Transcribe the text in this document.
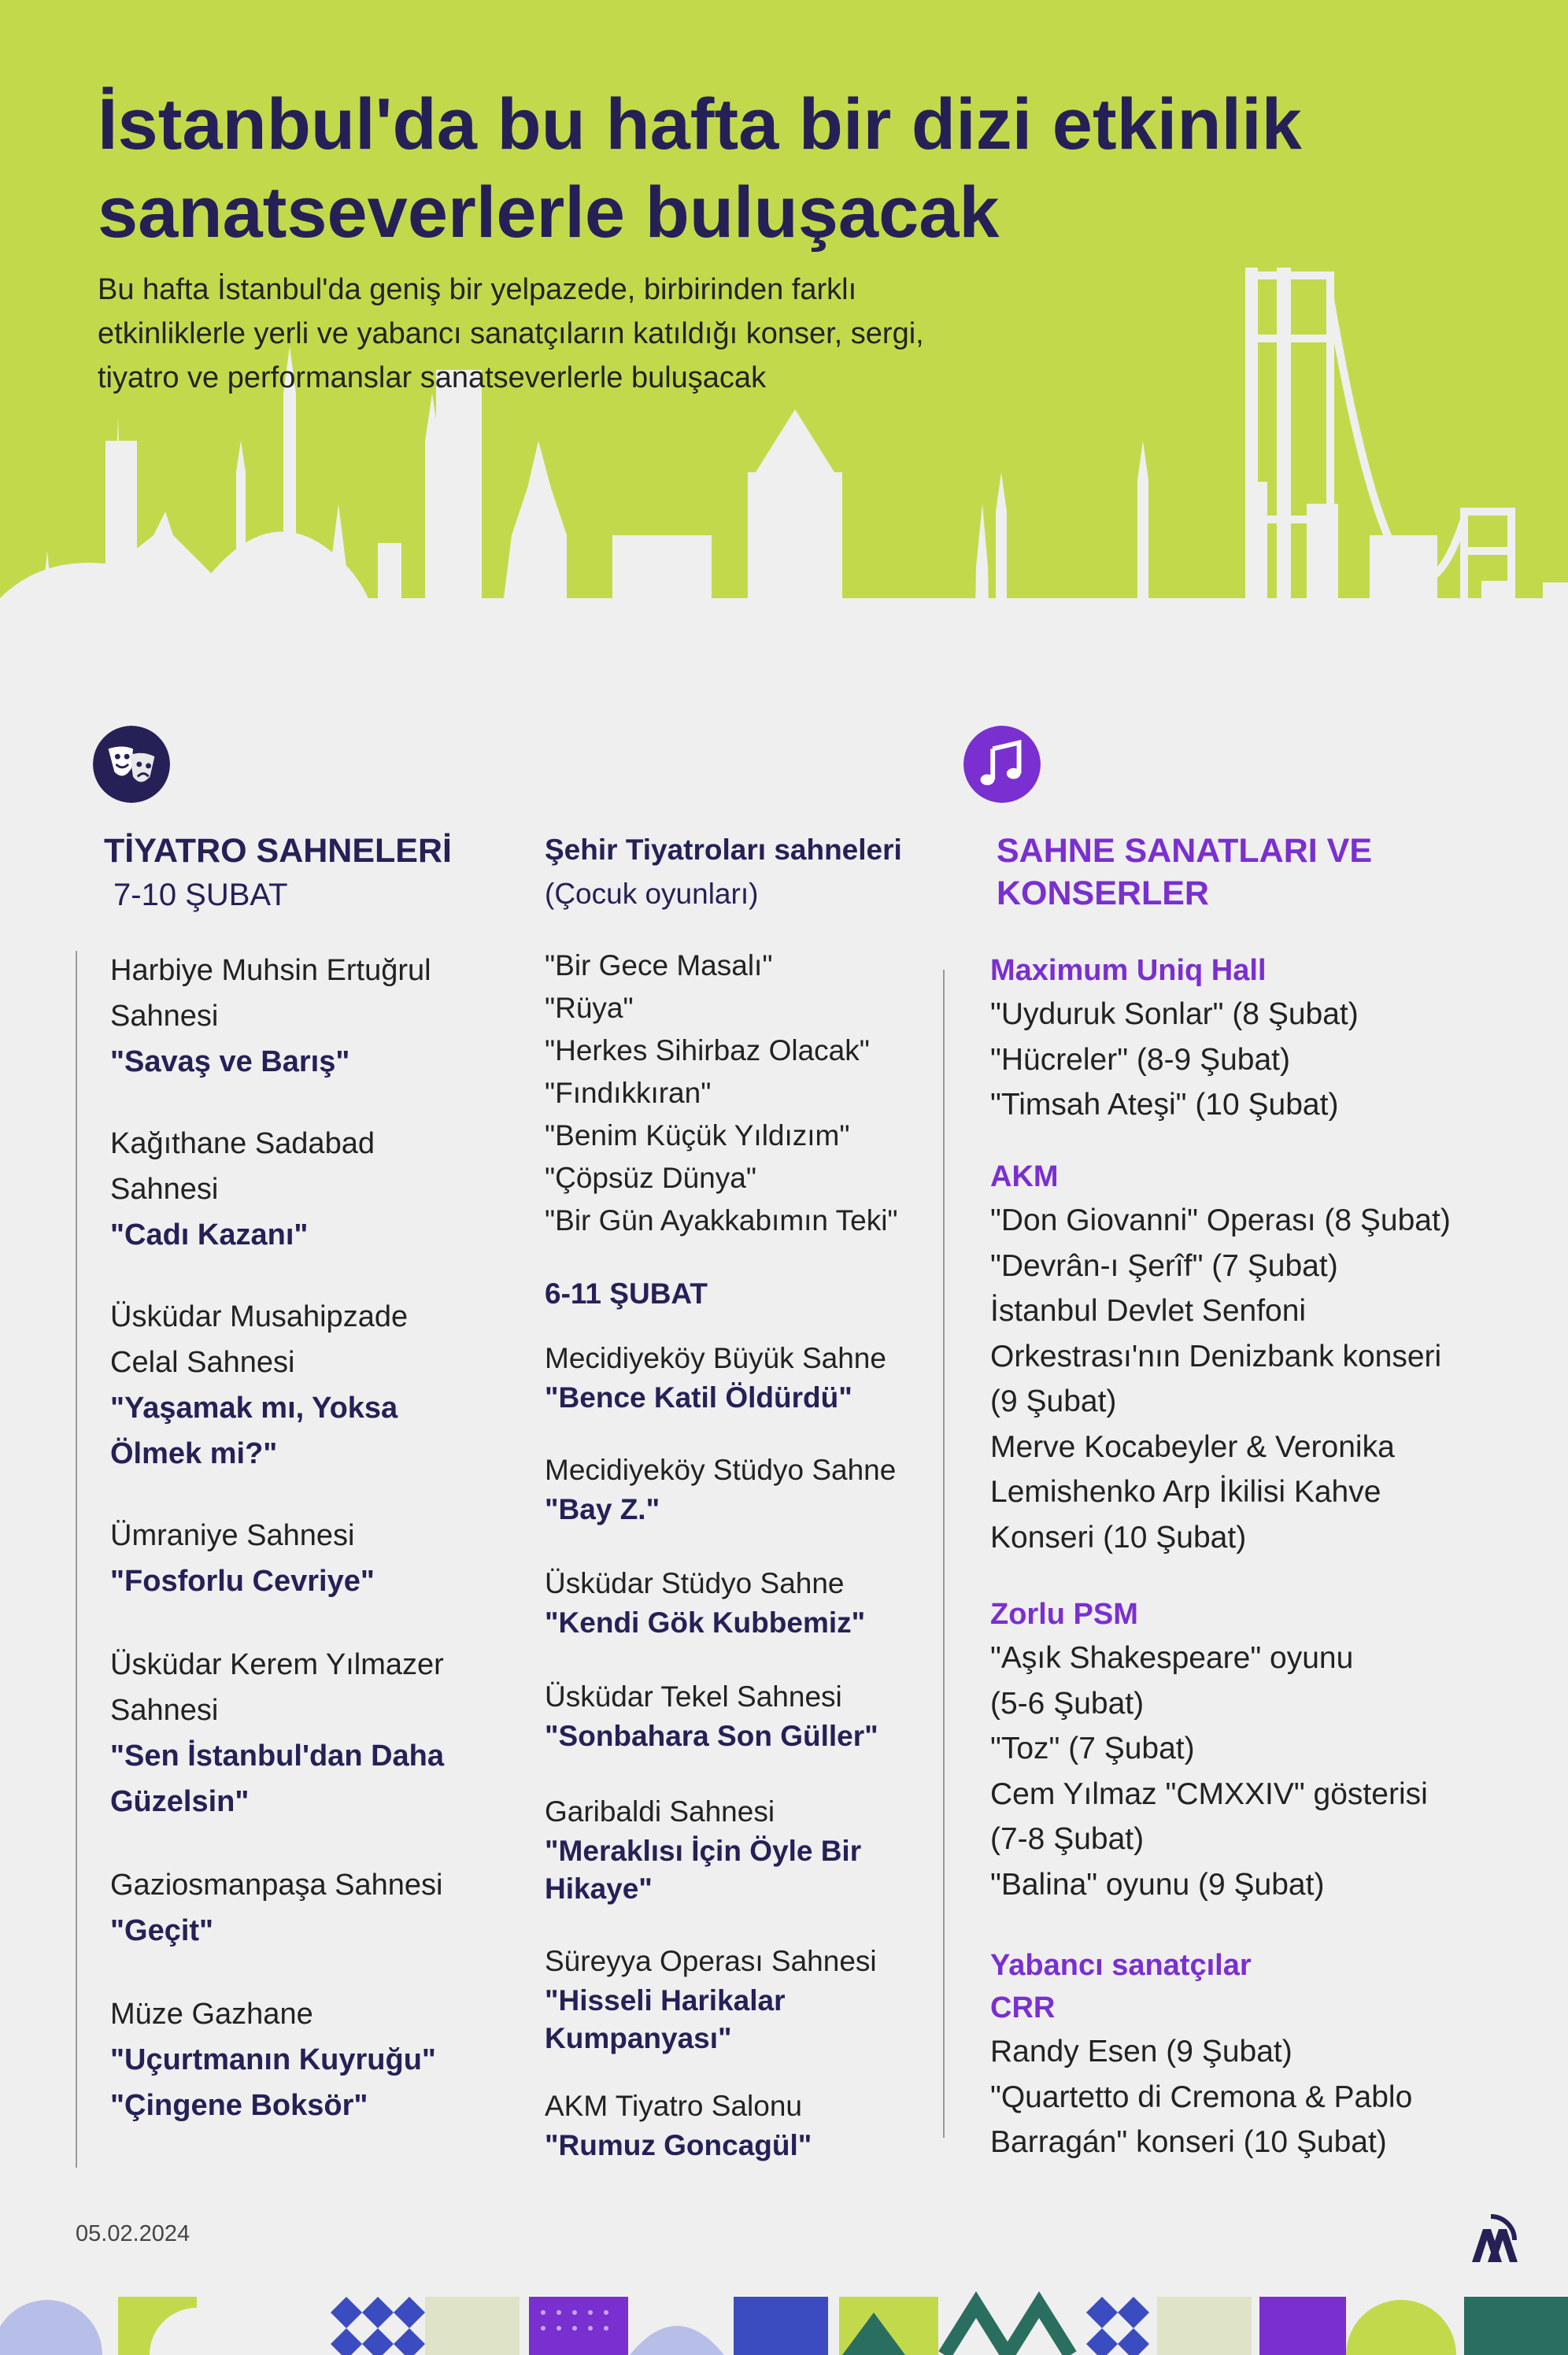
İstanbul'da bu hafta bir dizi etkinlik
sanatseverlerle buluşacak
Bu hafta İstanbul'da geniş bir yelpazede, birbirinden farklı etkinliklerle yerli ve yabancı sanatçıların katıldığı konser, sergi, tiyatro ve performanslar sanatseverlerle buluşacak
TİYATRO SAHNELERİ
7-10 ŞUBAT
Harbiye Muhsin Ertuğrul Sahnesi
"Savaş ve Barış"
Kağıthane Sadabad Sahnesi
"Cadı Kazanı"
Üsküdar Musahipzade Celal Sahnesi
"Yaşamak mı, Yoksa Ölmek mi?"
Ümraniye Sahnesi
"Fosforlu Cevriye"
Üsküdar Kerem Yılmazer Sahnesi
"Sen İstanbul'dan Daha Güzelsin"
Gaziosmanpaşa Sahnesi
"Geçit"
Müze Gazhane
"Uçurtmanın Kuyruğu" "Çingene Boksör"
Şehir Tiyatroları sahneleri
(Çocuk oyunları)
"Bir Gece Masalı"
"Rüya"
"Herkes Sihirbaz Olacak"
"Fındıkkıran"
"Benim Küçük Yıldızım"
"Çöpsüz Dünya"
"Bir Gün Ayakkabımın Teki"
6-11 ŞUBAT
Mecidiyeköy Büyük Sahne
"Bence Katil Öldürdü"
Mecidiyeköy Stüdyo Sahne
"Bay Z."
Üsküdar Stüdyo Sahne
"Kendi Gök Kubbemiz"
Üsküdar Tekel Sahnesi
"Sonbahara Son Güller"
Garibaldi Sahnesi
"Meraklısı İçin Öyle Bir Hikaye"
Süreyya Operası Sahnesi
"Hisseli Harikalar Kumpanyası"
AKM Tiyatro Salonu
"Rumuz Goncagül"
SAHNE SANATLARI VE
KONSERLER
Maximum Uniq Hall
"Uyduruk Sonlar" (8 Şubat)
"Hücreler" (8-9 Şubat)
"Timsah Ateşi" (10 Şubat)
AKM
"Don Giovanni" Operası (8 Şubat)
"Devrân-ı Şerîf" (7 Şubat)
İstanbul Devlet Senfoni
Orkestrası'nın Denizbank konseri
(9 Şubat)
Merve Kocabeyler & Veronika
Lemishenko Arp İkilisi Kahve
Konseri (10 Şubat)
Zorlu PSM
"Aşık Shakespeare" oyunu
(5-6 Şubat)
"Toz" (7 Şubat)
Cem Yılmaz "CMXXIV" gösterisi
(7-8 Şubat)
"Balina" oyunu (9 Şubat)
Yabancı sanatçılar
CRR
Randy Esen (9 Şubat)
"Quartetto di Cremona & Pablo
Barragán" konseri (10 Şubat)
05.02.2024
